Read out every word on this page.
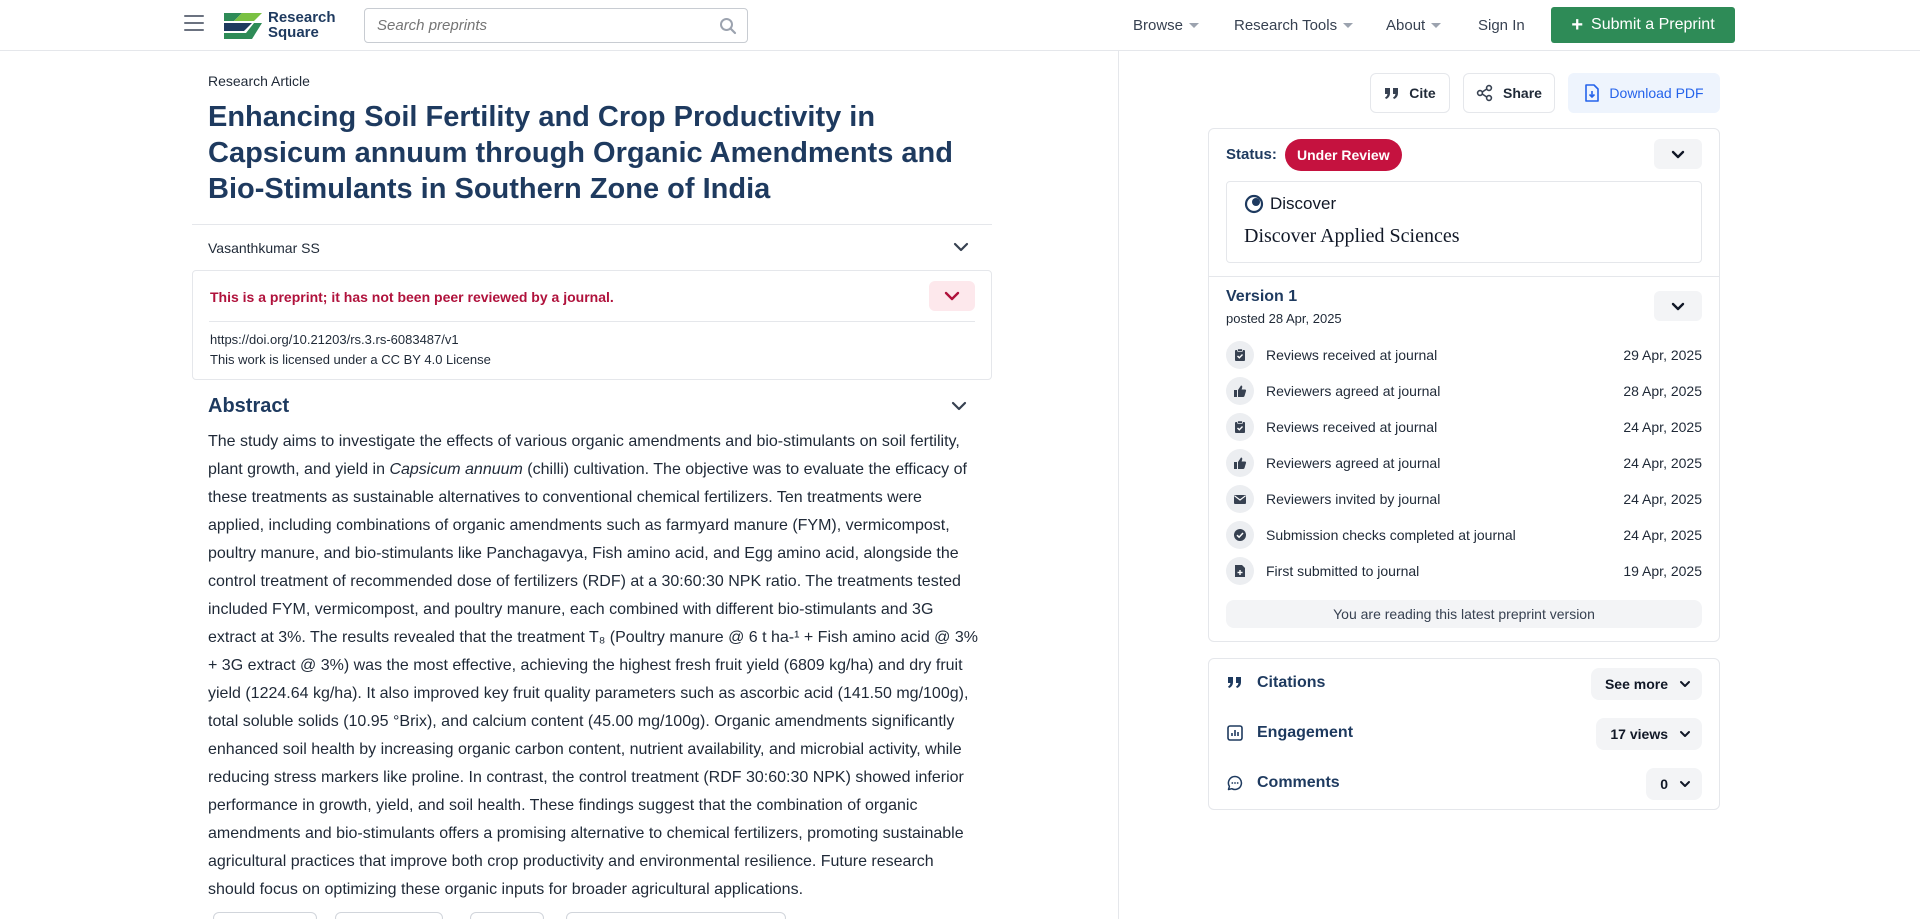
Research
Square
Search preprints	Browse	Research Tools	About	Sign In + Submit a Preprint
Research Article
Enhancing Soil Fertility and Crop Productivity in Capsicum annuum through Organic Amendments and Bio-Stimulants in Southern Zone of India
Vasanthkumar SS
This is a preprint; it has not been peer reviewed by a journal.
https://doi.org/10.21203/rs.3.rs-6083487/v1
This work is licensed under a CC BY 4.0 License
Abstract

The study aims to investigate the effects of various organic amendments and bio-stimulants on soil fertility, plant growth, and yield in Capsicum annuum (chilli) cultivation. The objective was to evaluate the efficacy of these treatments as sustainable alternatives to conventional chemical fertilizers. Ten treatments were applied, including combinations of organic amendments such as farmyard manure (FYM), vermicompost, poultry manure, and bio-stimulants like Panchagavya, Fish amino acid, and Egg amino acid, alongside the control treatment of recommended dose of fertilizers (RDF) at a 30:60:30 NPK ratio. The treatments tested included FYM, vermicompost, and poultry manure, each combined with different bio-stimulants and 3G extract at 3%. The results revealed that the treatment T₈ (Poultry manure @ 6 t ha-¹ + Fish amino acid @ 3% + 3G extract @ 3%) was the most effective, achieving the highest fresh fruit yield (6809 kg/ha) and dry fruit yield (1224.64 kg/ha). It also improved key fruit quality parameters such as ascorbic acid (141.50 mg/100g), total soluble solids (10.95 °Brix), and calcium content (45.00 mg/100g). Organic amendments significantly enhanced soil health by increasing organic carbon content, nutrient availability, and microbial activity, while reducing stress markers like proline. In contrast, the control treatment (RDF 30:60:30 NPK) showed inferior performance in growth, yield, and soil health. These findings suggest that the combination of organic amendments and bio-stimulants offers a promising alternative to chemical fertilizers, promoting sustainable agricultural practices that improve both crop productivity and environmental resilience. Future research should focus on optimizing these organic inputs for broader agricultural applications.

Cite	Share	Download PDF
Status:	Under Review
Discover
Discover Applied Sciences
Version 1
posted 28 Apr, 2025
Reviews received at journal	29 Apr, 2025
Reviewers agreed at journal	28 Apr, 2025
Reviews received at journal	24 Apr, 2025
Reviewers agreed at journal	24 Apr, 2025
Reviewers invited by journal	24 Apr, 2025
Submission checks completed at journal	24 Apr, 2025
First submitted to journal	19 Apr, 2025
You are reading this latest preprint version
Citations	See more
Engagement	17 views
Comments	0
